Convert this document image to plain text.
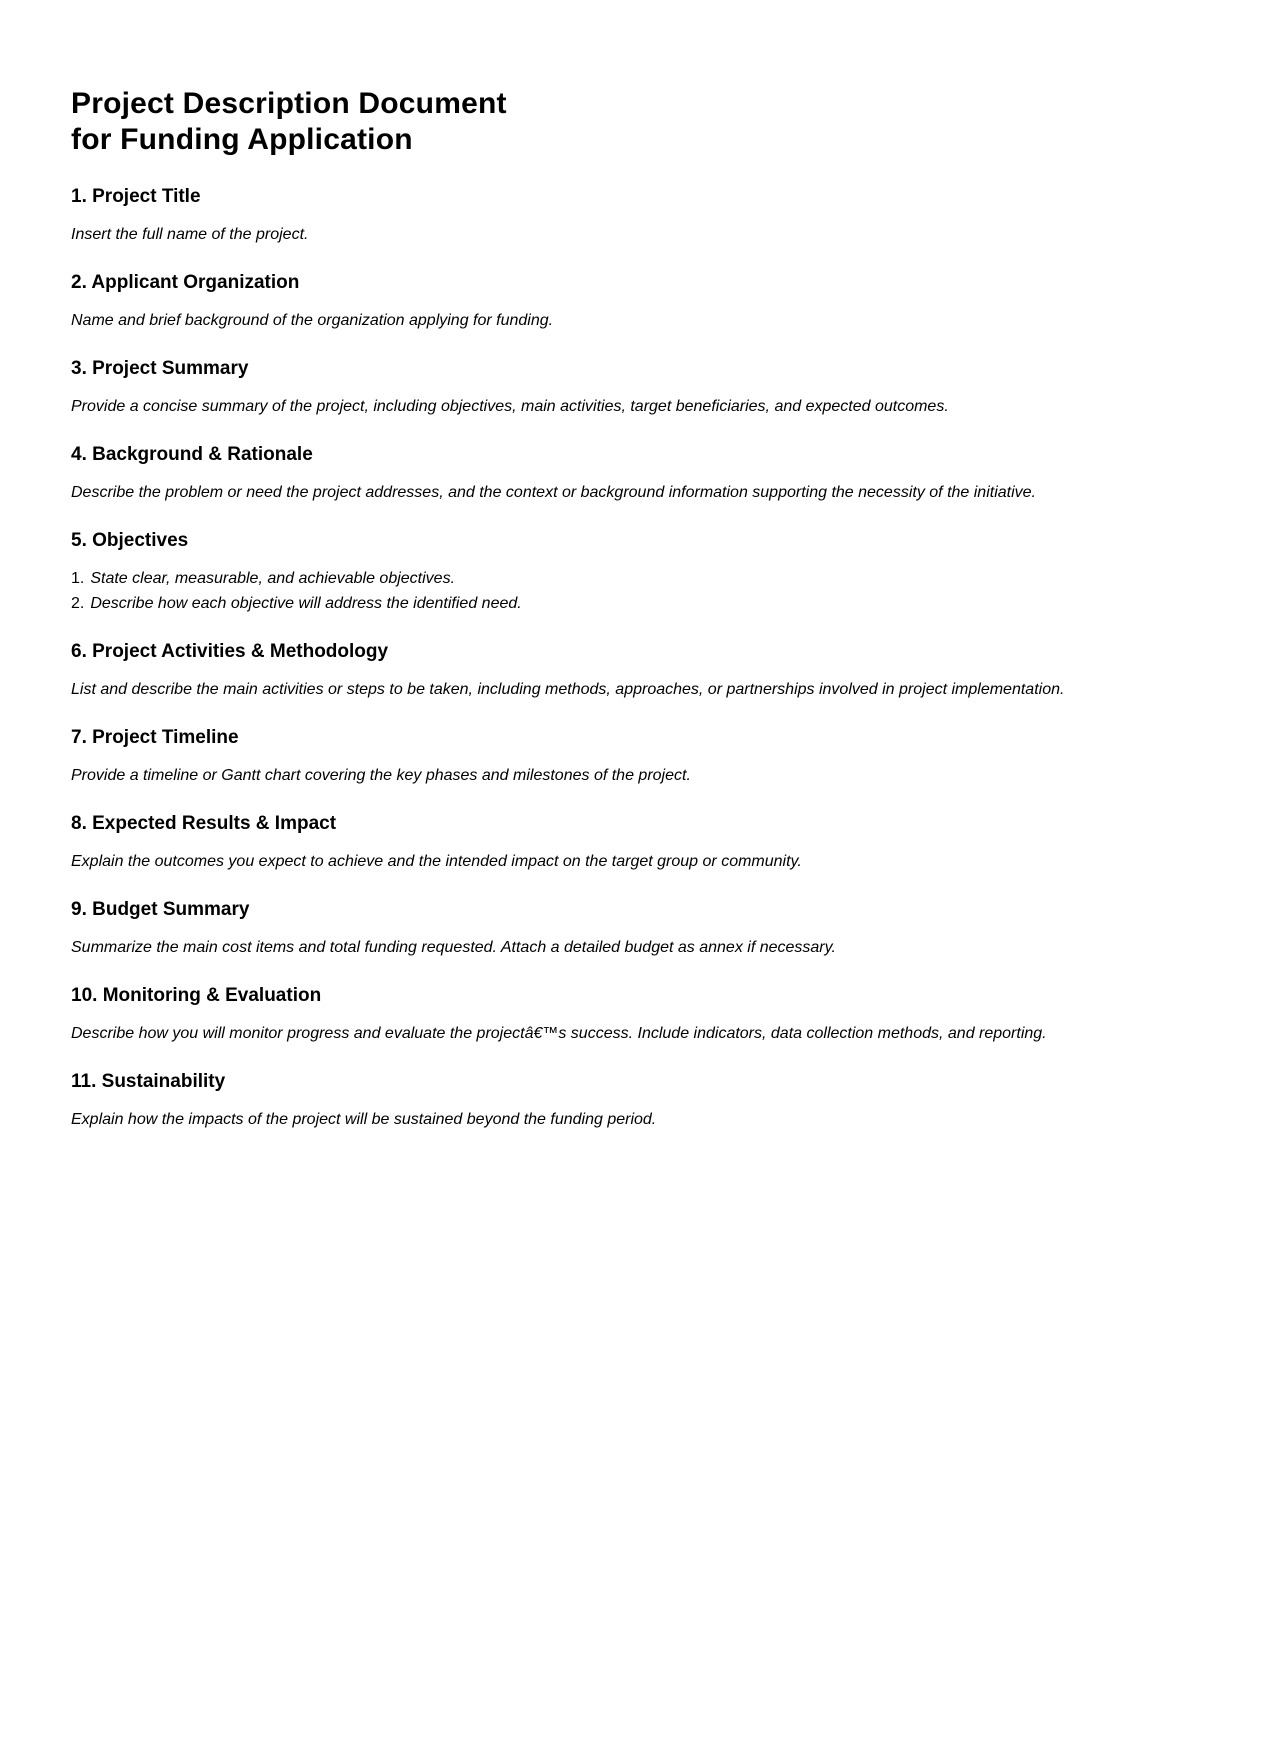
Project Description Document
for Funding Application
1. Project Title

Insert the full name of the project.

2. Applicant Organization

Name and brief background of the organization applying for funding.

3. Project Summary

Provide a concise summary of the project, including objectives, main activities, target beneficiaries, and expected outcomes.

4. Background & Rationale

Describe the problem or need the project addresses, and the context or background information supporting the necessity of the initiative.

5. Objectives
1. State clear, measurable, and achievable objectives.
2. Describe how each objective will address the identified need.
6. Project Activities & Methodology

List and describe the main activities or steps to be taken, including methods, approaches, or partnerships involved in project implementation.

7. Project Timeline

Provide a timeline or Gantt chart covering the key phases and milestones of the project.

8. Expected Results & Impact

Explain the outcomes you expect to achieve and the intended impact on the target group or community.

9. Budget Summary

Summarize the main cost items and total funding requested. Attach a detailed budget as annex if necessary.

10. Monitoring & Evaluation

Describe how you will monitor progress and evaluate the projectâ€™s success. Include indicators, data collection methods, and reporting.

11. Sustainability

Explain how the impacts of the project will be sustained beyond the funding period.
